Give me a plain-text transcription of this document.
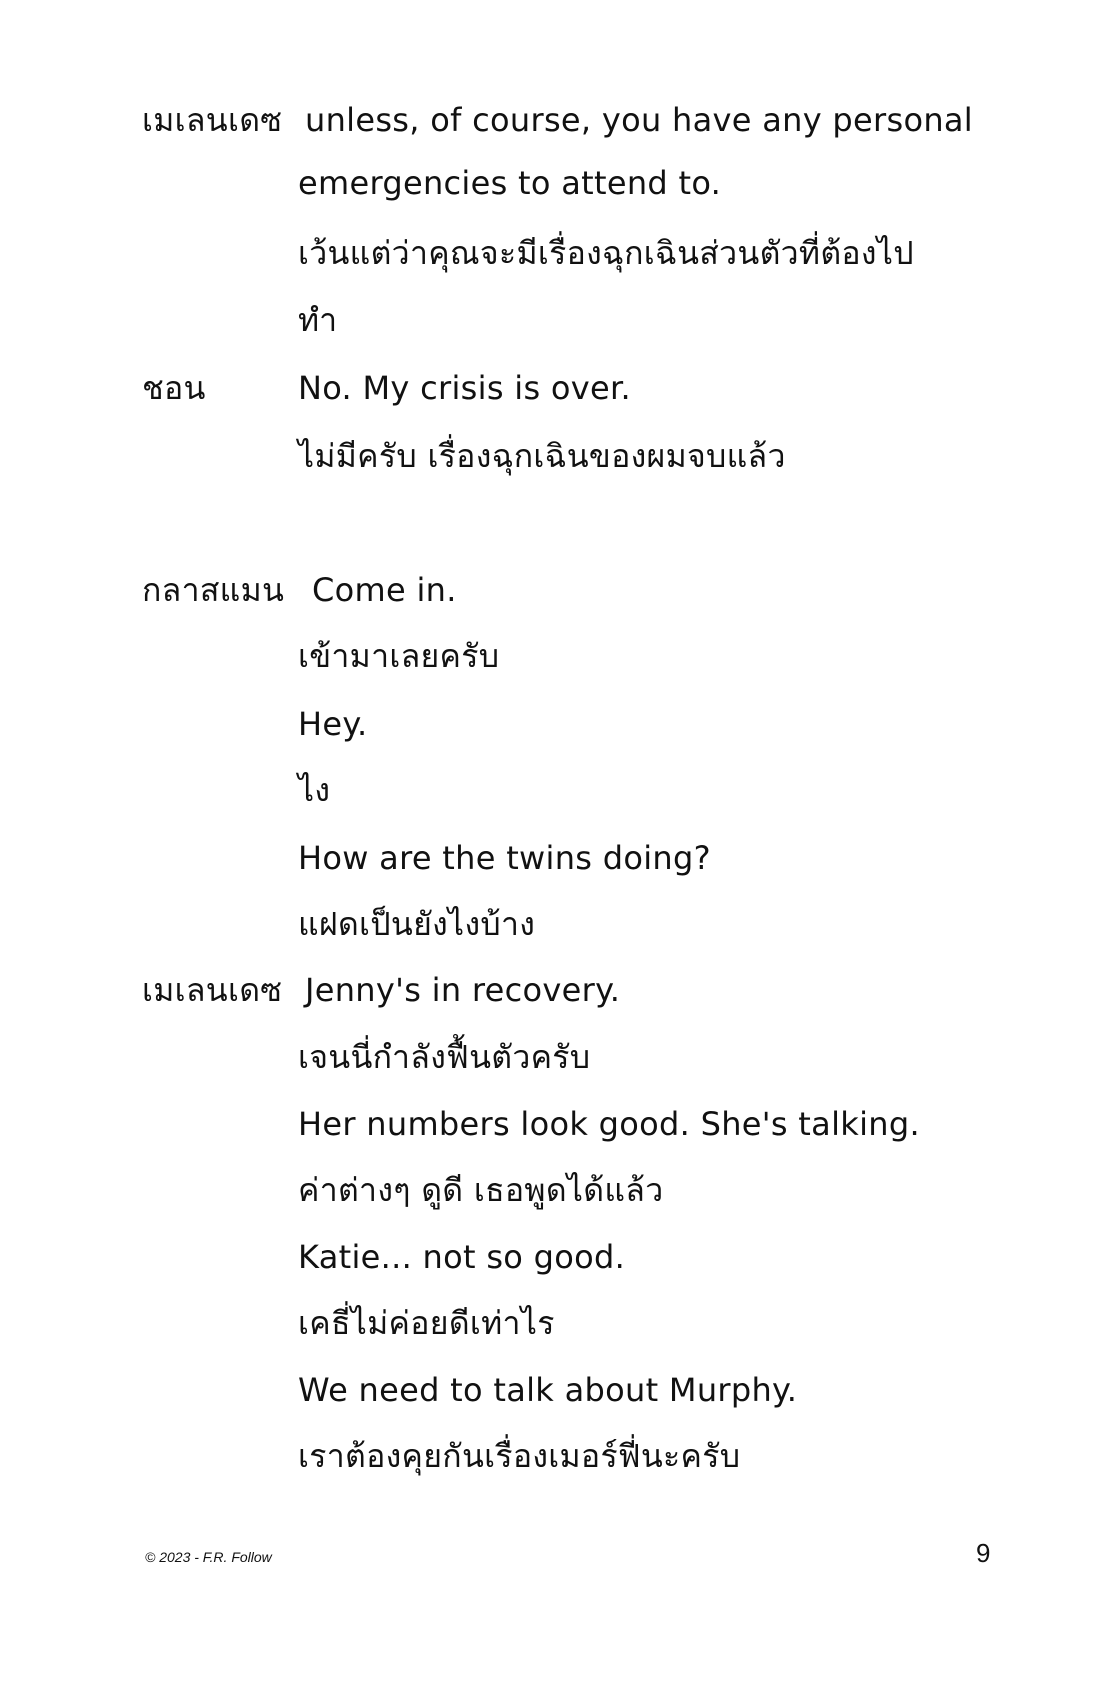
เมเลนเดซ unless, of course, you have any personal
emergencies to attend to.
เว้นแต่ว่าคุณจะมีเรื่องฉุกเฉินส่วนตัวที่ต้องไป
ทำ
ชอน	No. My crisis is over.
ไม่มีครับ เรื่องฉุกเฉินของผมจบแล้ว
กลาสแมน Come in.
เข้ามาเลยครับ
Hey.
ไง
How are the twins doing?
แฝดเป็นยังไงบ้าง
เมเลนเดซ Jenny's in recovery.
เจนนี่กำลังฟื้นตัวครับ
Her numbers look good. She's talking.
ค่าต่างๆ ดูดี เธอพูดได้แล้ว
Katie... not so good.
เคธี่ไม่ค่อยดีเท่าไร
We need to talk about Murphy.
เราต้องคุยกันเรื่องเมอร์ฟี่นะครับ
© 2023 - F.R. Follow	9
